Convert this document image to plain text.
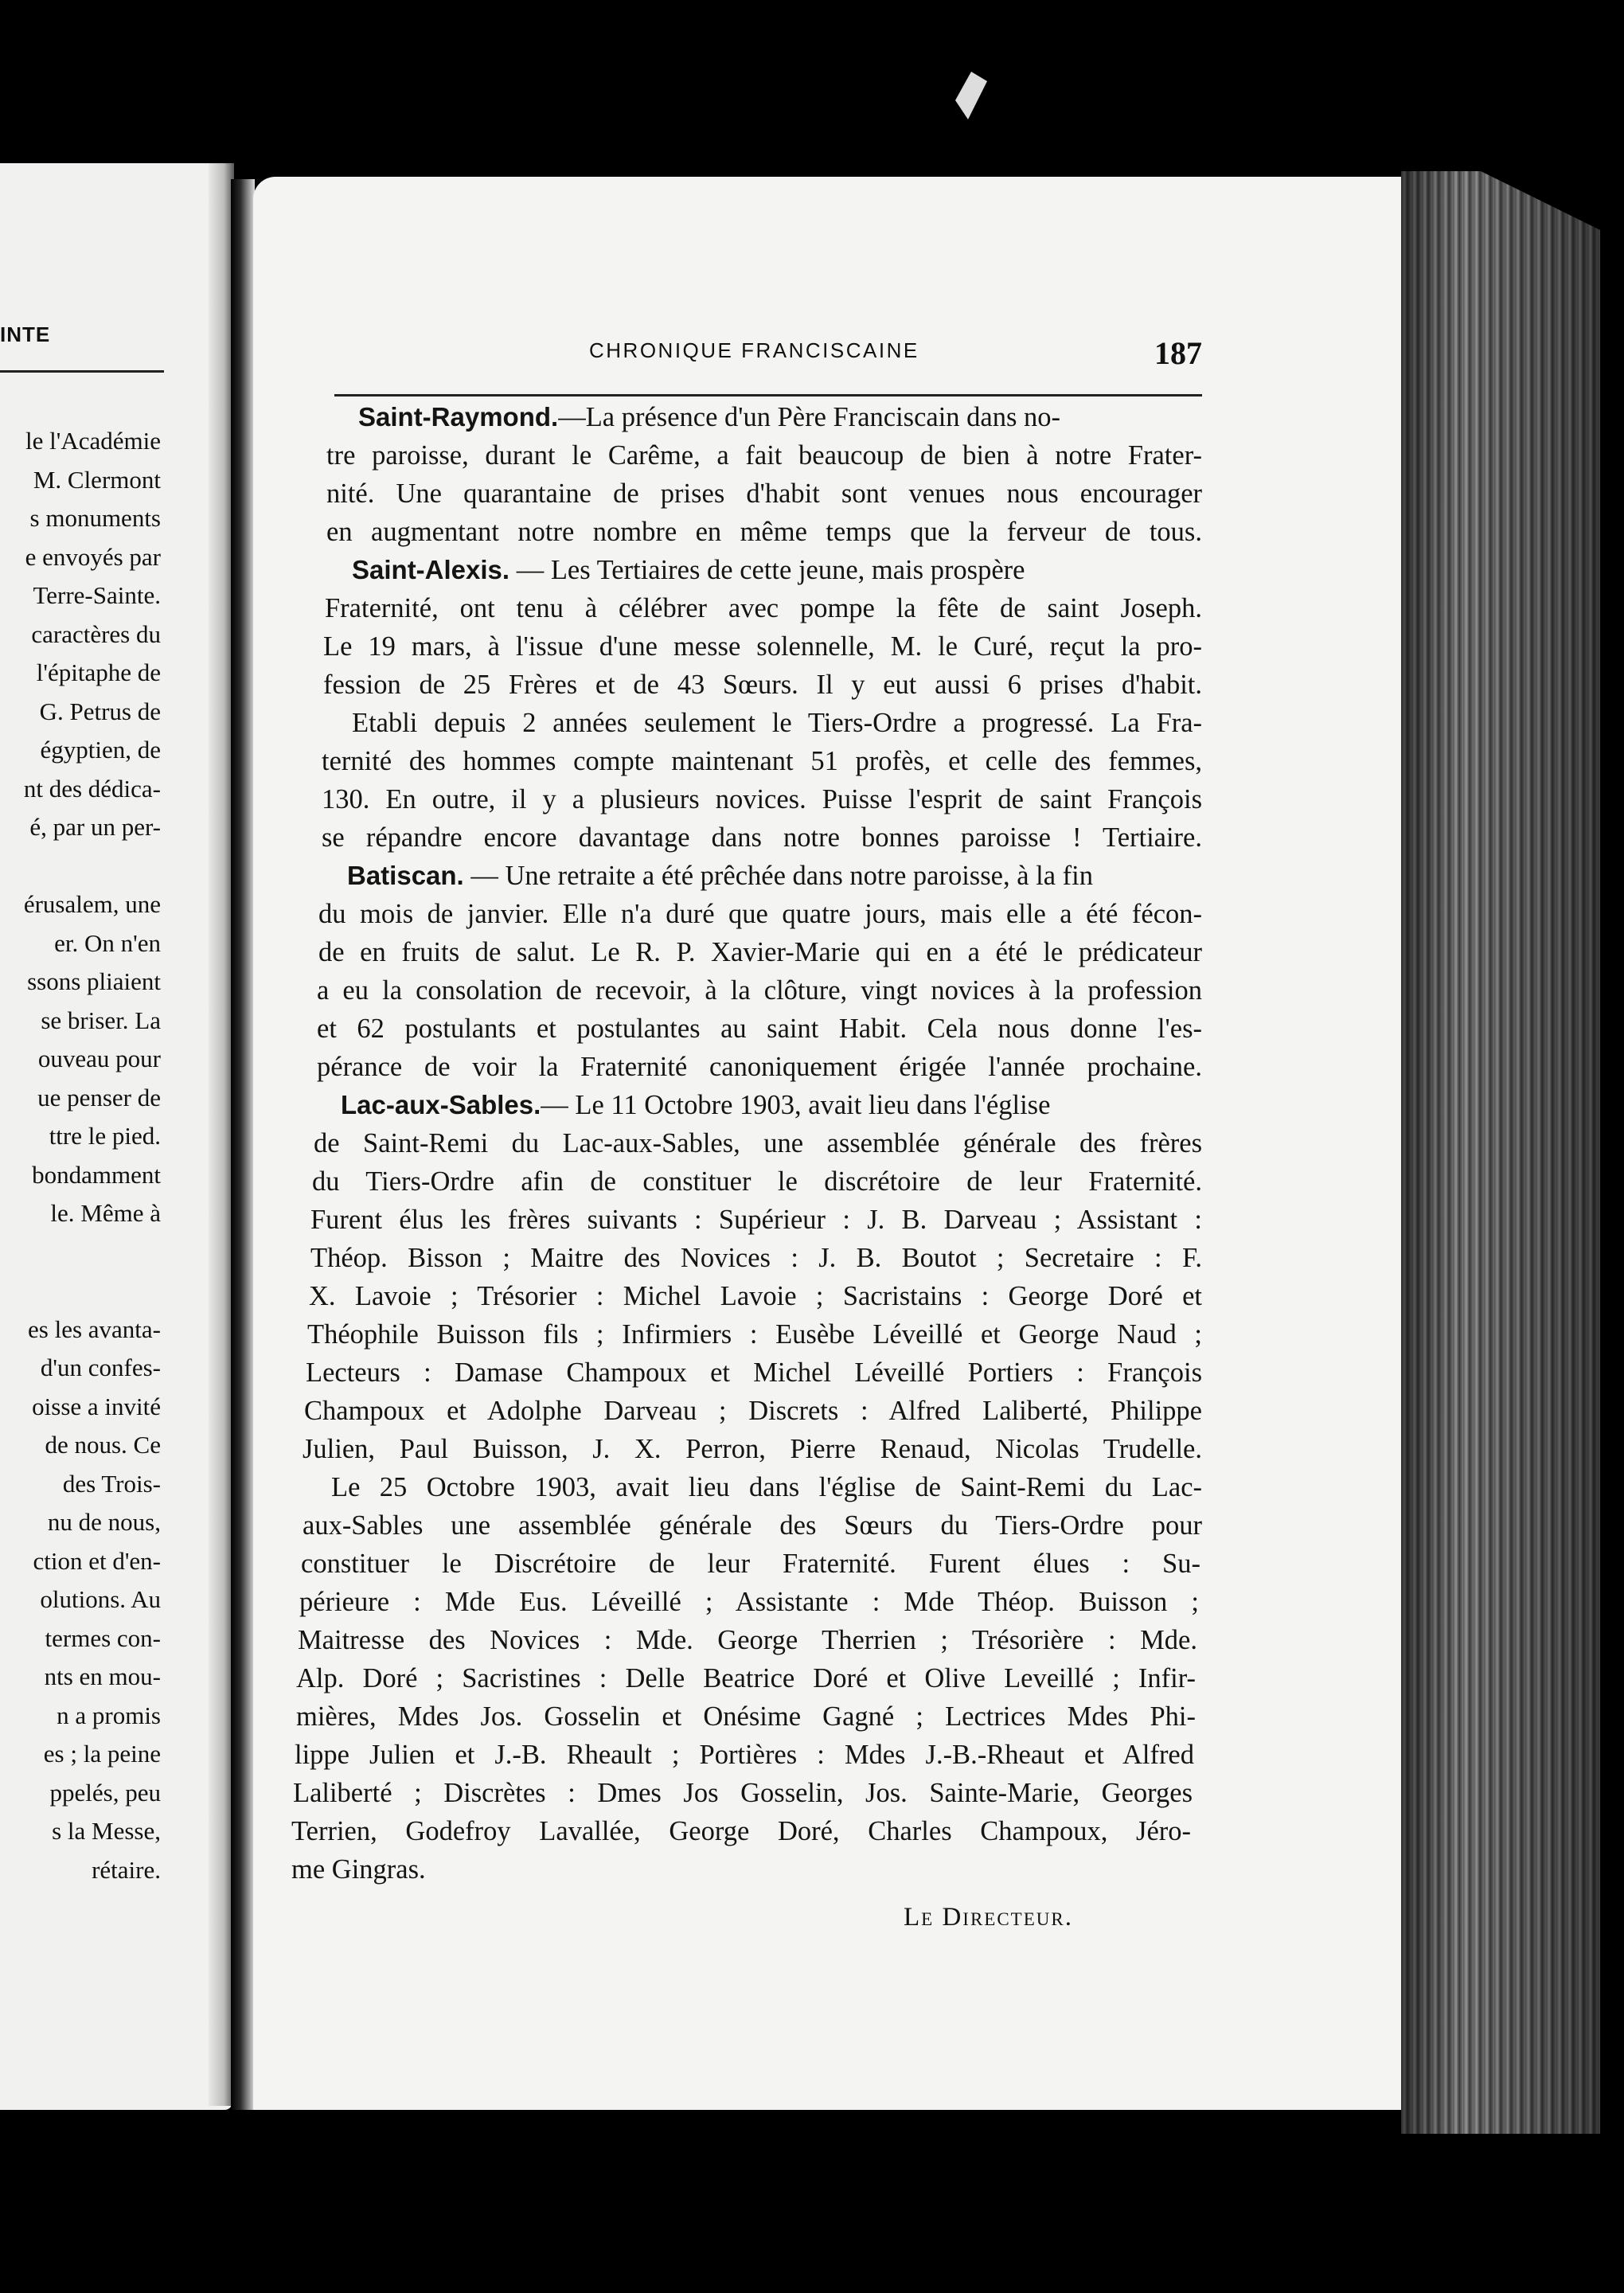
INTE
le l'Académie
M. Clermont
s monuments
e envoyés par
Terre-Sainte.
caractères du
l'épitaphe de
G. Petrus de
égyptien, de
nt des dédica-
é, par un per-
érusalem, une
er. On n'en
ssons pliaient
se briser. La
ouveau pour
ue penser de
ttre le pied.
bondamment
le. Même à
es les avanta-
d'un confes-
oisse a invité
de nous. Ce
des Trois-
nu de nous,
ction et d'en-
olutions. Au
termes con-
nts en mou-
n a promis
es ; la peine
ppelés, peu
s la Messe,
rétaire.
CHRONIQUE FRANCISCAINE	187
Saint-Raymond.—La présence d'un Père Franciscain dans no-
tre paroisse, durant le Carême, a fait beaucoup de bien à notre Frater-
nité. Une quarantaine de prises d'habit sont venues nous encourager
en augmentant notre nombre en même temps que la ferveur de tous.
Saint-Alexis. — Les Tertiaires de cette jeune, mais prospère
Fraternité, ont tenu à célébrer avec pompe la fête de saint Joseph.
Le 19 mars, à l'issue d'une messe solennelle, M. le Curé, reçut la pro-
fession de 25 Frères et de 43 Sœurs. Il y eut aussi 6 prises d'habit.
Etabli depuis 2 années seulement le Tiers-Ordre a progressé. La Fra-
ternité des hommes compte maintenant 51 profès, et celle des femmes,
130. En outre, il y a plusieurs novices. Puisse l'esprit de saint François
se répandre encore davantage dans notre bonnes paroisse ! Tertiaire.
Batiscan. — Une retraite a été prêchée dans notre paroisse, à la fin
du mois de janvier. Elle n'a duré que quatre jours, mais elle a été fécon-
de en fruits de salut. Le R. P. Xavier-Marie qui en a été le prédicateur
a eu la consolation de recevoir, à la clôture, vingt novices à la profession
et 62 postulants et postulantes au saint Habit. Cela nous donne l'es-
pérance de voir la Fraternité canoniquement érigée l'année prochaine.
Lac-aux-Sables.— Le 11 Octobre 1903, avait lieu dans l'église
de Saint-Remi du Lac-aux-Sables, une assemblée générale des frères
du Tiers-Ordre afin de constituer le discrétoire de leur Fraternité.
Furent élus les frères suivants : Supérieur : J. B. Darveau ; Assistant :
Théop. Bisson ; Maitre des Novices : J. B. Boutot ; Secretaire : F.
X. Lavoie ; Trésorier : Michel Lavoie ; Sacristains : George Doré et
Théophile Buisson fils ; Infirmiers : Eusèbe Léveillé et George Naud ;
Lecteurs : Damase Champoux et Michel Léveillé Portiers : François
Champoux et Adolphe Darveau ; Discrets : Alfred Laliberté, Philippe
Julien, Paul Buisson, J. X. Perron, Pierre Renaud, Nicolas Trudelle.
Le 25 Octobre 1903, avait lieu dans l'église de Saint-Remi du Lac-
aux-Sables une assemblée générale des Sœurs du Tiers-Ordre pour
constituer le Discrétoire de leur Fraternité. Furent élues : Su-
périeure : Mde Eus. Léveillé ; Assistante : Mde Théop. Buisson ;
Maitresse des Novices : Mde. George Therrien ; Trésorière : Mde.
Alp. Doré ; Sacristines : Delle Beatrice Doré et Olive Leveillé ; Infir-
mières, Mdes Jos. Gosselin et Onésime Gagné ; Lectrices Mdes Phi-
lippe Julien et J.-B. Rheault ; Portières : Mdes J.-B.-Rheaut et Alfred
Laliberté ; Discrètes : Dmes Jos Gosselin, Jos. Sainte-Marie, Georges
Terrien, Godefroy Lavallée, George Doré, Charles Champoux, Jéro-
me Gingras.
Le Directeur.
